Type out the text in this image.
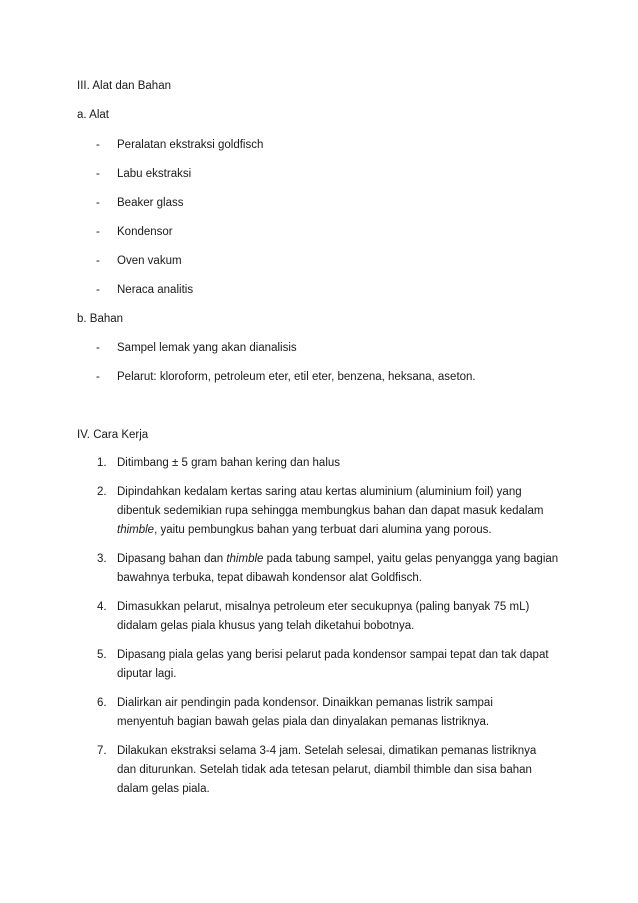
III. Alat dan Bahan
a. Alat
- Peralatan ekstraksi goldfisch
- Labu ekstraksi
- Beaker glass
- Kondensor
- Oven vakum
- Neraca analitis
b. Bahan
- Sampel lemak yang akan dianalisis
- Pelarut: kloroform, petroleum eter, etil eter, benzena, heksana, aseton.
IV. Cara Kerja
1. Ditimbang ± 5 gram bahan kering dan halus
2. Dipindahkan kedalam kertas saring atau kertas aluminium (aluminium foil) yang
dibentuk sedemikian rupa sehingga membungkus bahan dan dapat masuk kedalam
thimble, yaitu pembungkus bahan yang terbuat dari alumina yang porous.
3. Dipasang bahan dan thimble pada tabung sampel, yaitu gelas penyangga yang bagian
bawahnya terbuka, tepat dibawah kondensor alat Goldfisch.
4. Dimasukkan pelarut, misalnya petroleum eter secukupnya (paling banyak 75 mL)
didalam gelas piala khusus yang telah diketahui bobotnya.
5. Dipasang piala gelas yang berisi pelarut pada kondensor sampai tepat dan tak dapat
diputar lagi.
6. Dialirkan air pendingin pada kondensor. Dinaikkan pemanas listrik sampai
menyentuh bagian bawah gelas piala dan dinyalakan pemanas listriknya.
7. Dilakukan ekstraksi selama 3-4 jam. Setelah selesai, dimatikan pemanas listriknya
dan diturunkan. Setelah tidak ada tetesan pelarut, diambil thimble dan sisa bahan
dalam gelas piala.
